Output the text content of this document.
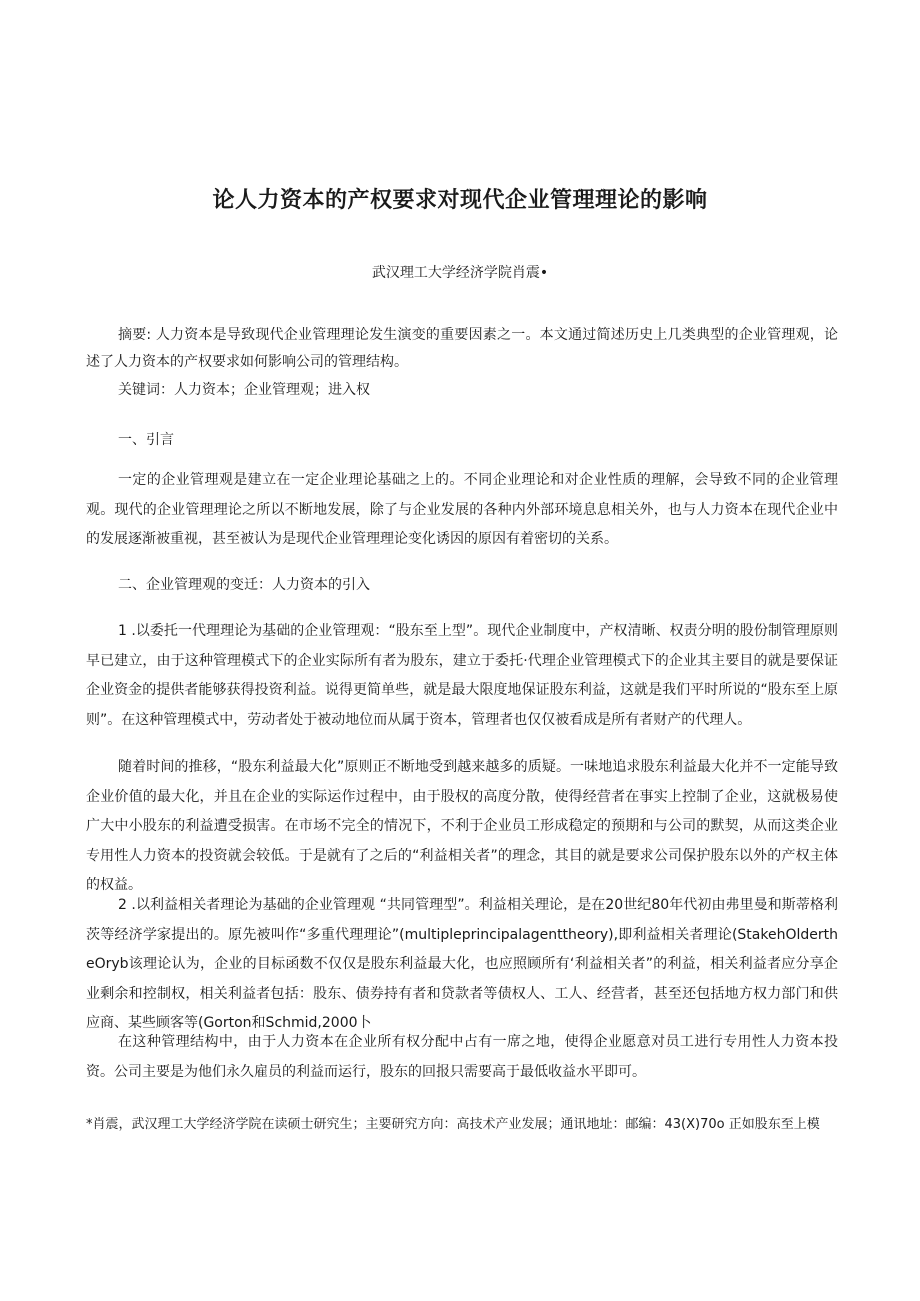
论人力资本的产权要求对现代企业管理理论的影响
武汉理工大学经济学院肖震•

摘要: 人力资本是导致现代企业管理理论发生演变的重要因素之一。本文通过简述历史上几类典型的企业管理观，论述了人力资本的产权要求如何影响公司的管理结构。

关键词：人力资本；企业管理观；进入权

一、引言

一定的企业管理观是建立在一定企业理论基础之上的。不同企业理论和对企业性质的理解，会导致不同的企业管理观。现代的企业管理理论之所以不断地发展，除了与企业发展的各种内外部环境息息相关外，也与人力资本在现代企业中的发展逐渐被重视，甚至被认为是现代企业管理理论变化诱因的原因有着密切的关系。

二、企业管理观的变迁：人力资本的引入

1 .以委托一代理理论为基础的企业管理观：“股东至上型”。现代企业制度中，产权清晰、权责分明的股份制管理原则早已建立，由于这种管理模式下的企业实际所有者为股东，建立于委托·代理企业管理模式下的企业其主要目的就是要保证企业资金的提供者能够获得投资利益。说得更简单些，就是最大限度地保证股东利益，这就是我们平时所说的“股东至上原则”。在这种管理模式中，劳动者处于被动地位而从属于资本，管理者也仅仅被看成是所有者财产的代理人。

随着时间的推移，“股东利益最大化”原则正不断地受到越来越多的质疑。一味地追求股东利益最大化并不一定能导致企业价值的最大化，并且在企业的实际运作过程中，由于股权的高度分散，使得经营者在事实上控制了企业，这就极易使广大中小股东的利益遭受损害。在市场不完全的情况下，不利于企业员工形成稳定的预期和与公司的默契，从而这类企业专用性人力资本的投资就会较低。于是就有了之后的“利益相关者”的理念，其目的就是要求公司保护股东以外的产权主体的权益。

2 .以利益相关者理论为基础的企业管理观 “共同管理型”。利益相关理论，是在20世纪80年代初由弗里曼和斯蒂格利茨等经济学家提出的。原先被叫作“多重代理理论”(multipleprincipalagenttheory),即利益相关者理论(StakehOldertheOryb该理论认为，企业的目标函数不仅仅是股东利益最大化，也应照顾所有‘利益相关者”的利益，相关利益者应分享企业剩余和控制权，相关利益者包括：股东、债券持有者和贷款者等债权人、工人、经营者，甚至还包括地方权力部门和供应商、某些顾客等(Gorton和Schmid,2000卜

在这种管理结构中，由于人力资本在企业所有权分配中占有一席之地，使得企业愿意对员工进行专用性人力资本投资。公司主要是为他们永久雇员的利益而运行，股东的回报只需要高于最低收益水平即可。

*肖震，武汉理工大学经济学院在读硕士研究生；主要研究方向：高技术产业发展；通讯地址：邮编：43(X)70o 正如股东至上模
